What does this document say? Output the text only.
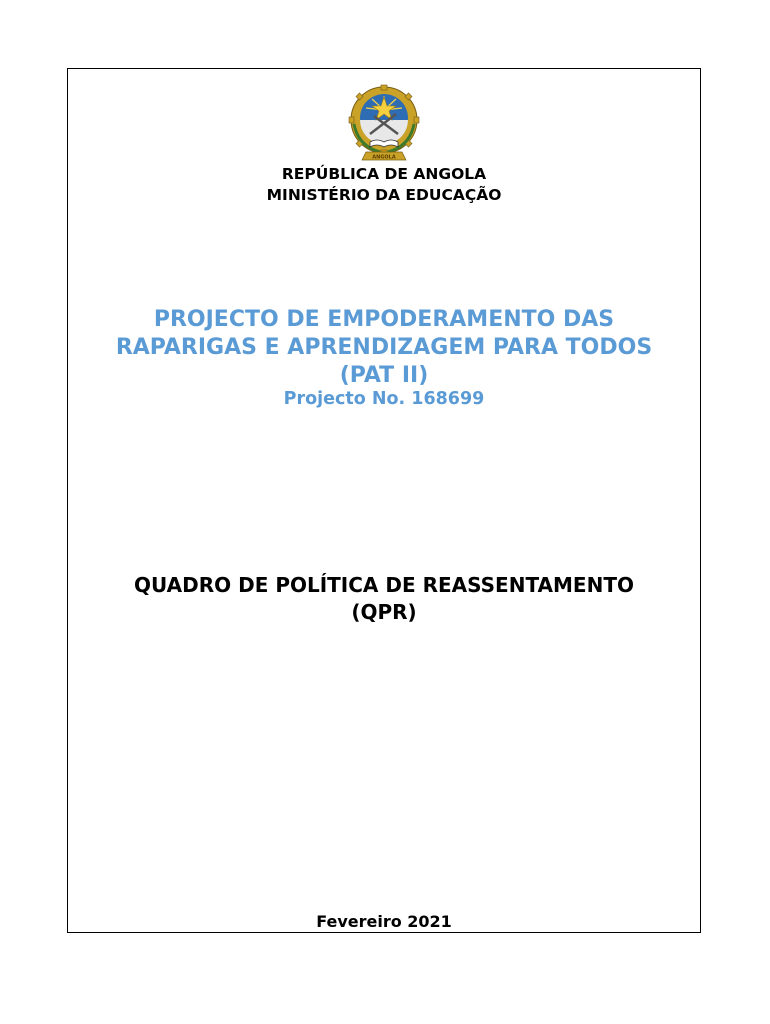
ANGOLA
REPÚBLICA DE ANGOLA
MINISTÉRIO DA EDUCAÇÃO
PROJECTO DE EMPODERAMENTO DAS
RAPARIGAS E APRENDIZAGEM PARA TODOS
(PAT II)
Projecto No. 168699
QUADRO DE POLÍTICA DE REASSENTAMENTO
(QPR)
Fevereiro 2021
